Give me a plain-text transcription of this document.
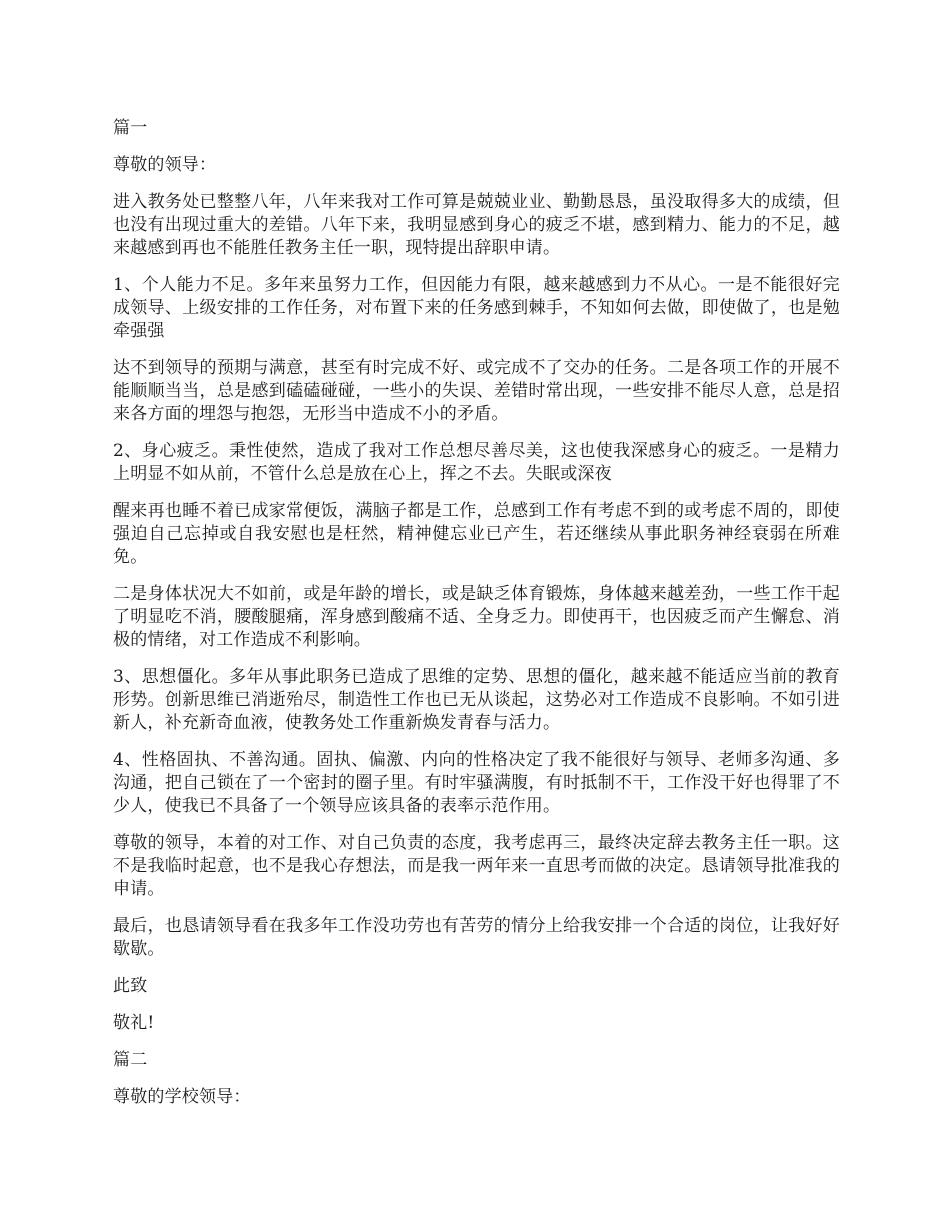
篇一

尊敬的领导：

进入教务处已整整八年，八年来我对工作可算是兢兢业业、勤勤恳恳，虽没取得多大的成绩，但也没有出现过重大的差错。八年下来，我明显感到身心的疲乏不堪，感到精力、能力的不足，越来越感到再也不能胜任教务主任一职，现特提出辞职申请。

1、个人能力不足。多年来虽努力工作，但因能力有限，越来越感到力不从心。一是不能很好完成领导、上级安排的工作任务，对布置下来的任务感到棘手，不知如何去做，即使做了，也是勉牵强强

达不到领导的预期与满意，甚至有时完成不好、或完成不了交办的任务。二是各项工作的开展不能顺顺当当，总是感到磕磕碰碰，一些小的失误、差错时常出现，一些安排不能尽人意，总是招来各方面的埋怨与抱怨，无形当中造成不小的矛盾。

2、身心疲乏。秉性使然，造成了我对工作总想尽善尽美，这也使我深感身心的疲乏。一是精力上明显不如从前，不管什么总是放在心上，挥之不去。失眠或深夜

醒来再也睡不着已成家常便饭，满脑子都是工作，总感到工作有考虑不到的或考虑不周的，即使强迫自己忘掉或自我安慰也是枉然，精神健忘业已产生，若还继续从事此职务神经衰弱在所难免。

二是身体状况大不如前，或是年龄的增长，或是缺乏体育锻炼，身体越来越差劲，一些工作干起了明显吃不消，腰酸腿痛，浑身感到酸痛不适、全身乏力。即使再干，也因疲乏而产生懈怠、消极的情绪，对工作造成不利影响。

3、思想僵化。多年从事此职务已造成了思维的定势、思想的僵化，越来越不能适应当前的教育形势。创新思维已消逝殆尽，制造性工作也已无从谈起，这势必对工作造成不良影响。不如引进新人，补充新奇血液，使教务处工作重新焕发青春与活力。

4、性格固执、不善沟通。固执、偏激、内向的性格决定了我不能很好与领导、老师多沟通、多沟通，把自己锁在了一个密封的圈子里。有时牢骚满腹，有时抵制不干，工作没干好也得罪了不少人，使我已不具备了一个领导应该具备的表率示范作用。

尊敬的领导，本着的对工作、对自己负责的态度，我考虑再三，最终决定辞去教务主任一职。这不是我临时起意，也不是我心存想法，而是我一两年来一直思考而做的决定。恳请领导批准我的申请。

最后，也恳请领导看在我多年工作没功劳也有苦劳的情分上给我安排一个合适的岗位，让我好好歇歇。

此致

敬礼!

篇二

尊敬的学校领导：
